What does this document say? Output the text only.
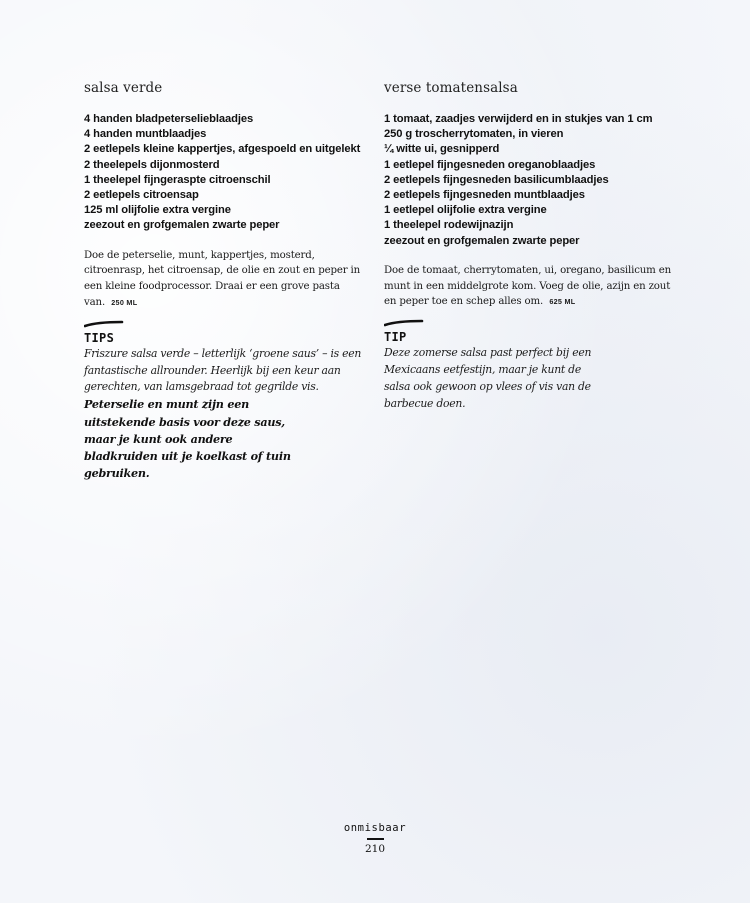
salsa verde
4 handen bladpeterselieblaadjes
4 handen muntblaadjes
2 eetlepels kleine kappertjes, afgespoeld en uitgelekt
2 theelepels dijonmosterd
1 theelepel fijngeraspte citroenschil
2 eetlepels citroensap
125 ml olijfolie extra vergine
zeezout en grofgemalen zwarte peper

Doe de peterselie, munt, kappertjes, mosterd, citroenrasp, het citroensap, de olie en zout en peper in een kleine foodprocessor. Draai er een grove pasta van. 250 ML

TIPS

Friszure salsa verde – letterlijk ‘groene saus’ – is een fantastische allrounder. Heerlijk bij een keur aan gerechten, van lamsgebraad tot gegrilde vis.

Peterselie en munt zijn een uitstekende basis voor deze saus, maar je kunt ook andere bladkruiden uit je koelkast of tuin gebruiken.

verse tomatensalsa
1 tomaat, zaadjes verwijderd en in stukjes van 1 cm
250 g troscherrytomaten, in vieren
¼ witte ui, gesnipperd
1 eetlepel fijngesneden oreganoblaadjes
2 eetlepels fijngesneden basilicumblaadjes
2 eetlepels fijngesneden muntblaadjes
1 eetlepel olijfolie extra vergine
1 theelepel rodewijnazijn
zeezout en grofgemalen zwarte peper

Doe de tomaat, cherrytomaten, ui, oregano, basilicum en munt in een middelgrote kom. Voeg de olie, azijn en zout en peper toe en schep alles om. 625 ML

TIP

Deze zomerse salsa past perfect bij een Mexicaans eetfestijn, maar je kunt de salsa ook gewoon op vlees of vis van de barbecue doen.

onmisbaar
210
